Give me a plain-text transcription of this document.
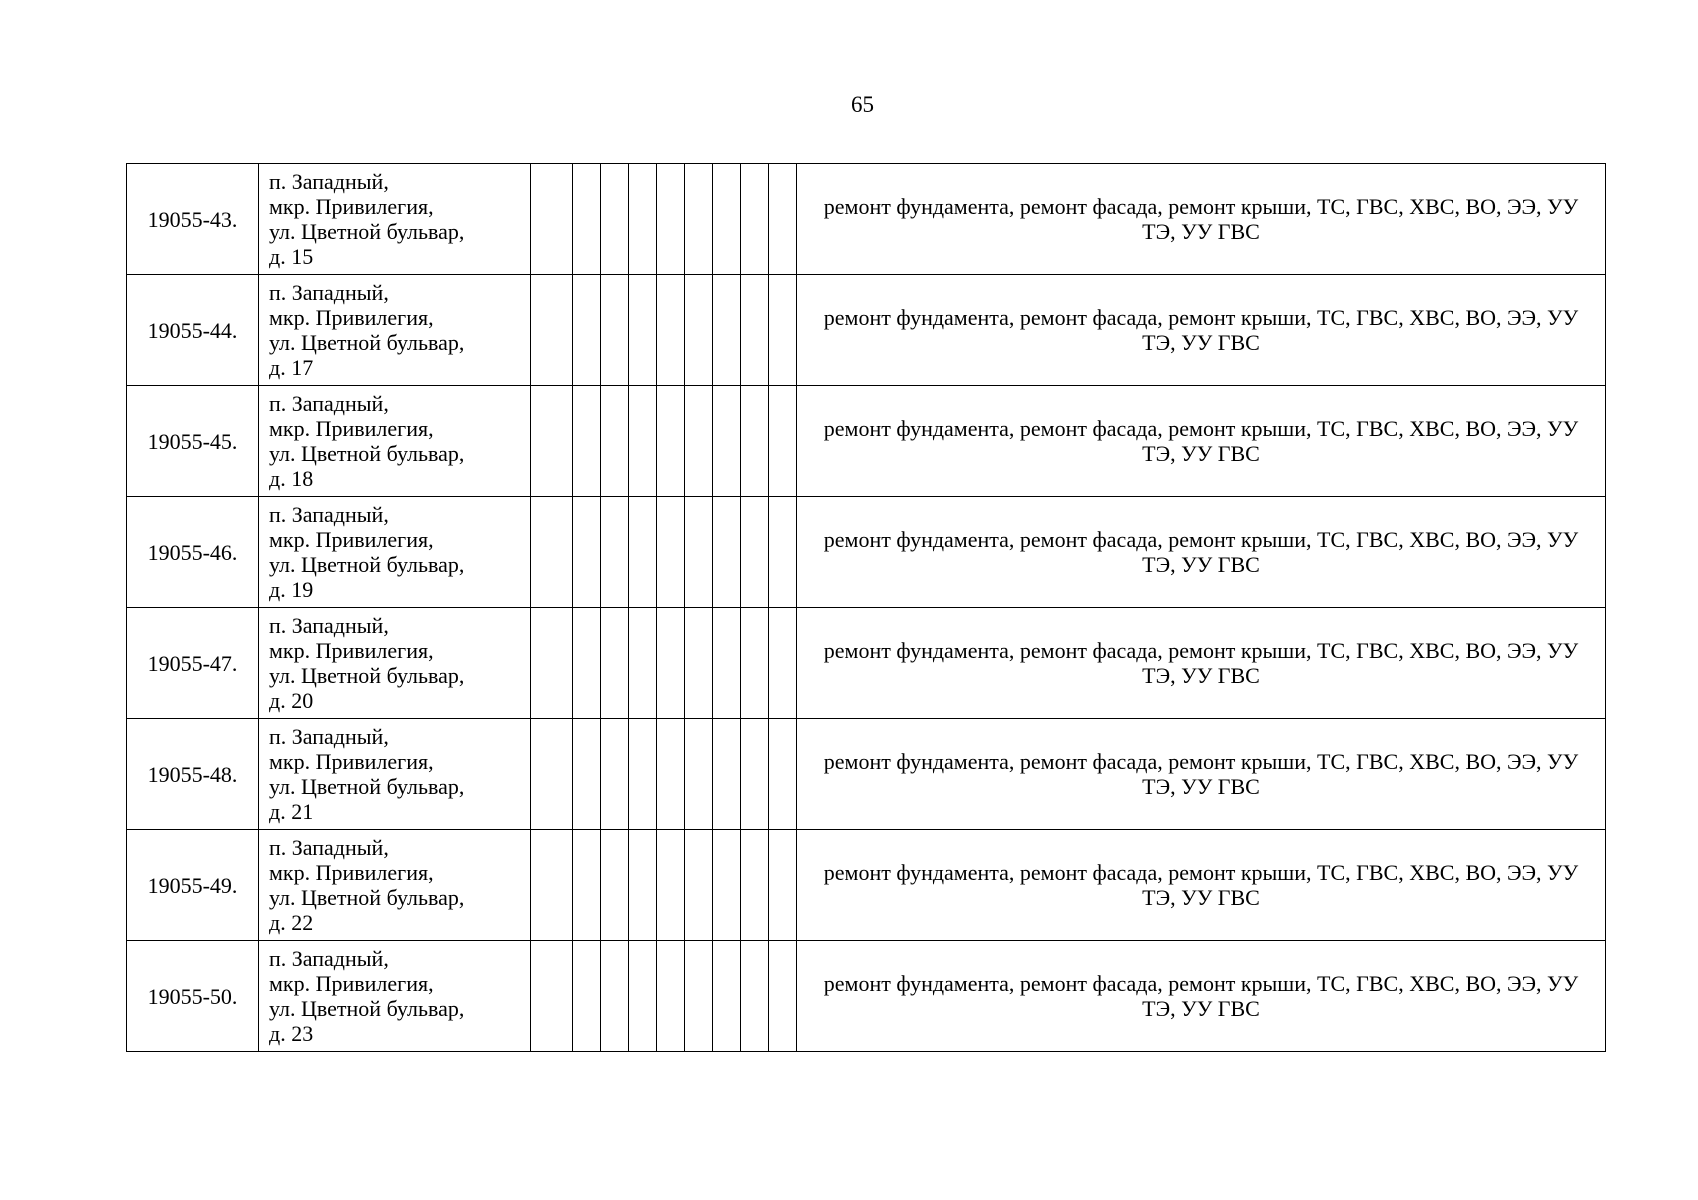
65
19055-43.	п. Западный,
мкр. Привилегия,
ул. Цветной бульвар,
д. 15										ремонт фундамента, ремонт фасада, ремонт крыши, ТС, ГВС, ХВС, ВО, ЭЭ, УУ ТЭ, УУ ГВС
19055-44.	п. Западный,
мкр. Привилегия,
ул. Цветной бульвар,
д. 17										ремонт фундамента, ремонт фасада, ремонт крыши, ТС, ГВС, ХВС, ВО, ЭЭ, УУ ТЭ, УУ ГВС
19055-45.	п. Западный,
мкр. Привилегия,
ул. Цветной бульвар,
д. 18										ремонт фундамента, ремонт фасада, ремонт крыши, ТС, ГВС, ХВС, ВО, ЭЭ, УУ ТЭ, УУ ГВС
19055-46.	п. Западный,
мкр. Привилегия,
ул. Цветной бульвар,
д. 19										ремонт фундамента, ремонт фасада, ремонт крыши, ТС, ГВС, ХВС, ВО, ЭЭ, УУ ТЭ, УУ ГВС
19055-47.	п. Западный,
мкр. Привилегия,
ул. Цветной бульвар,
д. 20										ремонт фундамента, ремонт фасада, ремонт крыши, ТС, ГВС, ХВС, ВО, ЭЭ, УУ ТЭ, УУ ГВС
19055-48.	п. Западный,
мкр. Привилегия,
ул. Цветной бульвар,
д. 21										ремонт фундамента, ремонт фасада, ремонт крыши, ТС, ГВС, ХВС, ВО, ЭЭ, УУ ТЭ, УУ ГВС
19055-49.	п. Западный,
мкр. Привилегия,
ул. Цветной бульвар,
д. 22										ремонт фундамента, ремонт фасада, ремонт крыши, ТС, ГВС, ХВС, ВО, ЭЭ, УУ ТЭ, УУ ГВС
19055-50.	п. Западный,
мкр. Привилегия,
ул. Цветной бульвар,
д. 23										ремонт фундамента, ремонт фасада, ремонт крыши, ТС, ГВС, ХВС, ВО, ЭЭ, УУ ТЭ, УУ ГВС
